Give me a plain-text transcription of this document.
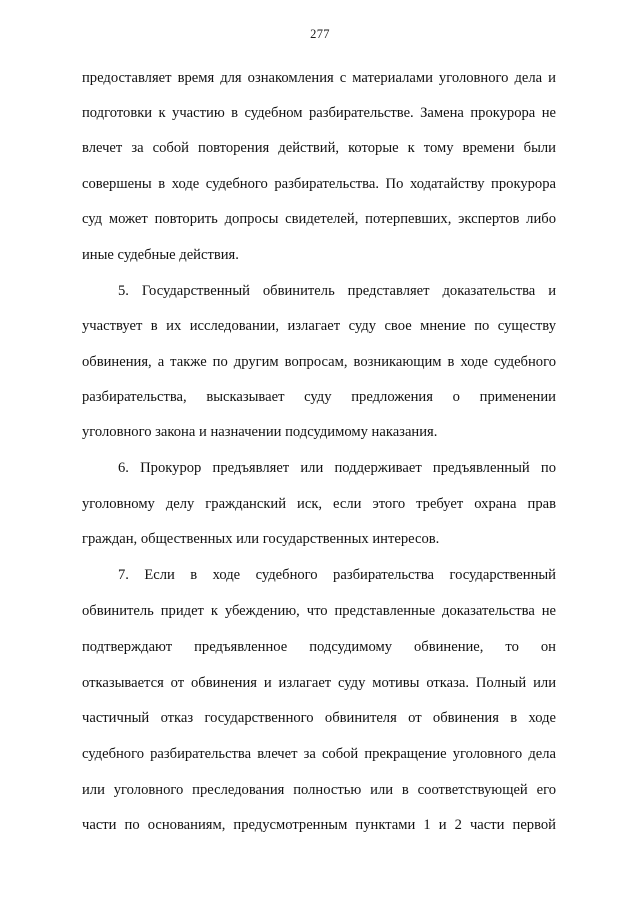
277
предоставляет время для ознакомления с материалами уголовного дела и
подготовки к участию в судебном разбирательстве. Замена прокурора не
влечет за собой повторения действий, которые к тому времени были
совершены в ходе судебного разбирательства. По ходатайству прокурора
суд может повторить допросы свидетелей, потерпевших, экспертов либо
иные судебные действия.
5. Государственный обвинитель представляет доказательства и
участвует в их исследовании, излагает суду свое мнение по существу
обвинения, а также по другим вопросам, возникающим в ходе судебного
разбирательства, высказывает суду предложения о применении
уголовного закона и назначении подсудимому наказания.
6. Прокурор предъявляет или поддерживает предъявленный по
уголовному делу гражданский иск, если этого требует охрана прав
граждан, общественных или государственных интересов.
7. Если в ходе судебного разбирательства государственный
обвинитель придет к убеждению, что представленные доказательства не
подтверждают предъявленное подсудимому обвинение, то он
отказывается от обвинения и излагает суду мотивы отказа. Полный или
частичный отказ государственного обвинителя от обвинения в ходе
судебного разбирательства влечет за собой прекращение уголовного дела
или уголовного преследования полностью или в соответствующей его
части по основаниям, предусмотренным пунктами 1 и 2 части первой
